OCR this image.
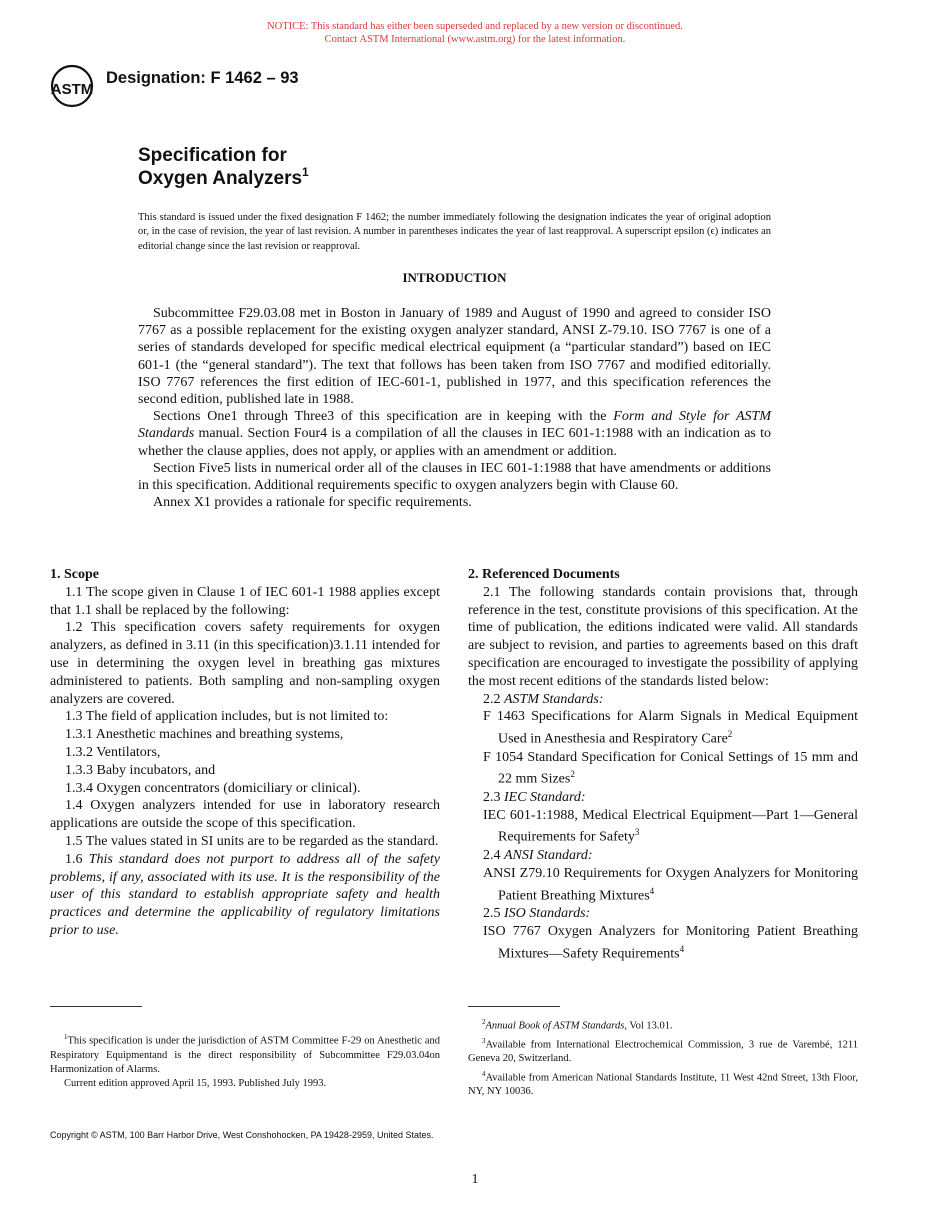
NOTICE: This standard has either been superseded and replaced by a new version or discontinued.
Contact ASTM International (www.astm.org) for the latest information.
ASTM
Designation: F 1462 – 93
Specification for
Oxygen Analyzers$^1$
This standard is issued under the fixed designation F 1462; the number immediately following the designation indicates the year of original adoption or, in the case of revision, the year of last revision. A number in parentheses indicates the year of last reapproval. A superscript epsilon (ϵ) indicates an editorial change since the last revision or reapproval.
INTRODUCTION

Subcommittee F29.03.08 met in Boston in January of 1989 and August of 1990 and agreed to consider ISO 7767 as a possible replacement for the existing oxygen analyzer standard, ANSI Z-79.10. ISO 7767 is one of a series of standards developed for specific medical electrical equipment (a “particular standard”) based on IEC 601-1 (the “general standard”). The text that follows has been taken from ISO 7767 and modified editorially. ISO 7767 references the first edition of IEC-601-1, published in 1977, and this specification references the second edition, published late in 1988.

Sections One1 through Three3 of this specification are in keeping with the Form and Style for ASTM Standards manual. Section Four4 is a compilation of all the clauses in IEC 601-1:1988 with an indication as to whether the clause applies, does not apply, or applies with an amendment or addition.

Section Five5 lists in numerical order all of the clauses in IEC 601-1:1988 that have amendments or additions in this specification. Additional requirements specific to oxygen analyzers begin with Clause 60.

Annex X1 provides a rationale for specific requirements.

1. Scope

1.1 The scope given in Clause 1 of IEC 601-1 1988 applies except that 1.1 shall be replaced by the following:

1.2 This specification covers safety requirements for oxygen analyzers, as defined in 3.11 (in this specification)3.1.11 intended for use in determining the oxygen level in breathing gas mixtures administered to patients. Both sampling and non-sampling oxygen analyzers are covered.

1.3 The field of application includes, but is not limited to:

1.3.1 Anesthetic machines and breathing systems,

1.3.2 Ventilators,

1.3.3 Baby incubators, and

1.3.4 Oxygen concentrators (domiciliary or clinical).

1.4 Oxygen analyzers intended for use in laboratory research applications are outside the scope of this specification.

1.5 The values stated in SI units are to be regarded as the standard.

1.6 This standard does not purport to address all of the safety problems, if any, associated with its use. It is the responsibility of the user of this standard to establish appropriate safety and health practices and determine the applicability of regulatory limitations prior to use.

2. Referenced Documents

2.1 The following standards contain provisions that, through reference in the test, constitute provisions of this specification. At the time of publication, the editions indicated were valid. All standards are subject to revision, and parties to agreements based on this draft specification are encouraged to investigate the possibility of applying the most recent editions of the standards listed below:

2.2 ASTM Standards:

F 1463 Specifications for Alarm Signals in Medical Equipment Used in Anesthesia and Respiratory Care$^2$

F 1054 Standard Specification for Conical Settings of 15 mm and 22 mm Sizes$^2$

2.3 IEC Standard:

IEC 601-1:1988, Medical Electrical Equipment—Part 1—General Requirements for Safety$^3$

2.4 ANSI Standard:

ANSI Z79.10 Requirements for Oxygen Analyzers for Monitoring Patient Breathing Mixtures$^4$

2.5 ISO Standards:

ISO 7767 Oxygen Analyzers for Monitoring Patient Breathing Mixtures—Safety Requirements$^4$

$^1$This specification is under the jurisdiction of ASTM Committee F-29 on Anesthetic and Respiratory Equipmentand is the direct responsibility of Subcommittee F29.03.04on Harmonization of Alarms.

Current edition approved April 15, 1993. Published July 1993.

$^2$Annual Book of ASTM Standards, Vol 13.01.

$^3$Available from International Electrochemical Commission, 3 rue de Varembé, 1211 Geneva 20, Switzerland.

$^4$Available from American National Standards Institute, 11 West 42nd Street, 13th Floor, NY, NY 10036.

Copyright © ASTM, 100 Barr Harbor Drive, West Conshohocken, PA 19428-2959, United States.
1
